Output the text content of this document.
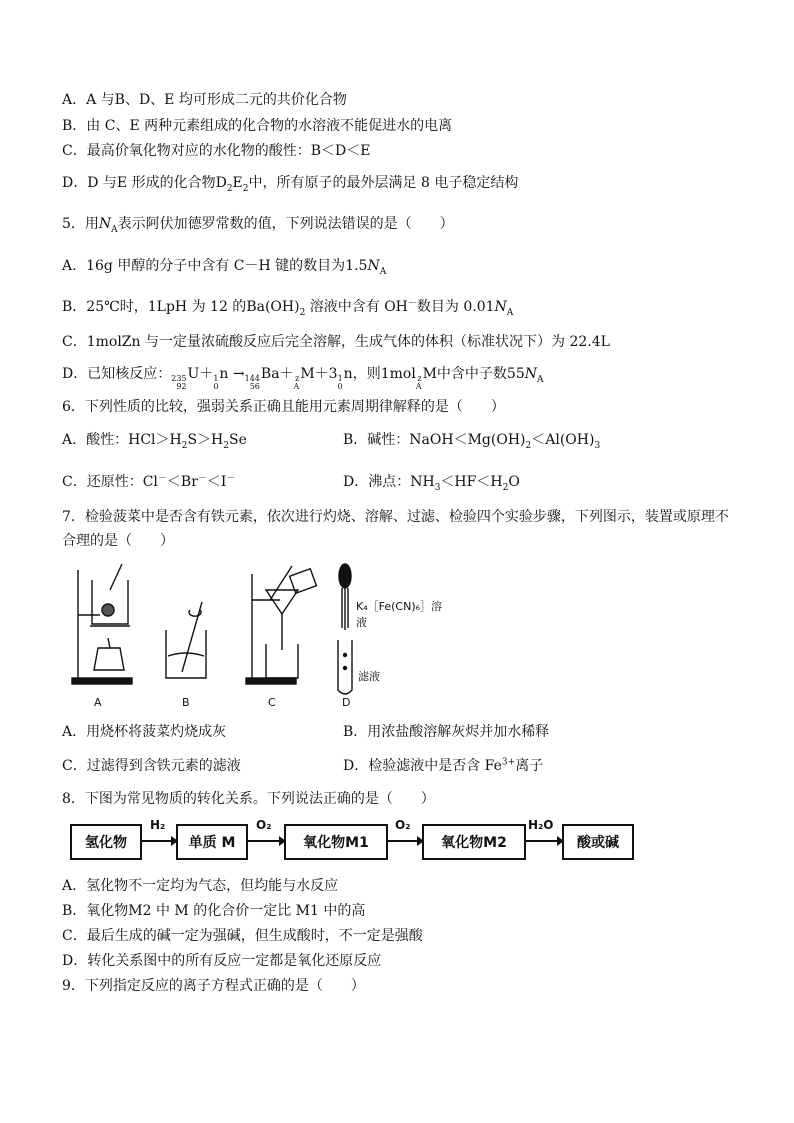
A．A 与B、D、E 均可形成二元的共价化合物
B．由 C、E 两种元素组成的化合物的水溶液不能促进水的电离
C．最高价氧化物对应的水化物的酸性：B＜D＜E
D．D 与E 形成的化合物$D_2E_2$中，所有原子的最外层满足 8 电子稳定结构
5．用$N_A$表示阿伏加德罗常数的值，下列说法错误的是（　　）
A．16g 甲醇的分子中含有 C－H 键的数目为$1.5N_A$
B．25℃时，1LpH 为 12 的$Ba(OH)_2$ 溶液中含有 OH－数目为 $0.01N_A$
C．1molZn 与一定量浓硫酸反应后完全溶解，生成气体的体积（标准状况下）为 22.4L
D．已知核反应： 235
92
U＋ 1
0
n → 144
56
Ba＋ z
A
M＋3 1
0
n，则1mol z
A
M中含中子数$55N_A$
6．下列性质的比较，强弱关系正确且能用元素周期律解释的是（　　）
A．酸性：$HCl>H_2S>H_2Se$	B．碱性：$NaOH<Mg(OH)_2<Al(OH)_3$
C．还原性：Cl－＜Br－＜I－	D．沸点：$NH_3<HF<H_2O$
7．检验菠菜中是否含有铁元素，依次进行灼烧、溶解、过滤、检验四个实验步骤，下列图示，装置或原理不
合理的是（　　）
A	B	C	D
K₄［Fe(CN)₆］溶液
滤液
A．用烧杯将菠菜灼烧成灰	B．用浓盐酸溶解灰烬并加水稀释
C．过滤得到含铁元素的滤液	D．检验滤液中是否含 $Fe^{3+}$离子
8．下图为常见物质的转化关系。下列说法正确的是（　　）
氢化物
H₂
单质 M
O₂
氧化物M1
O₂
氧化物M2
H₂O
酸或碱
A．氢化物不一定均为气态，但均能与水反应
B．氧化物M2 中 M 的化合价一定比 M1 中的高
C．最后生成的碱一定为强碱，但生成酸时，不一定是强酸
D．转化关系图中的所有反应一定都是氧化还原反应
9．下列指定反应的离子方程式正确的是（　　）
